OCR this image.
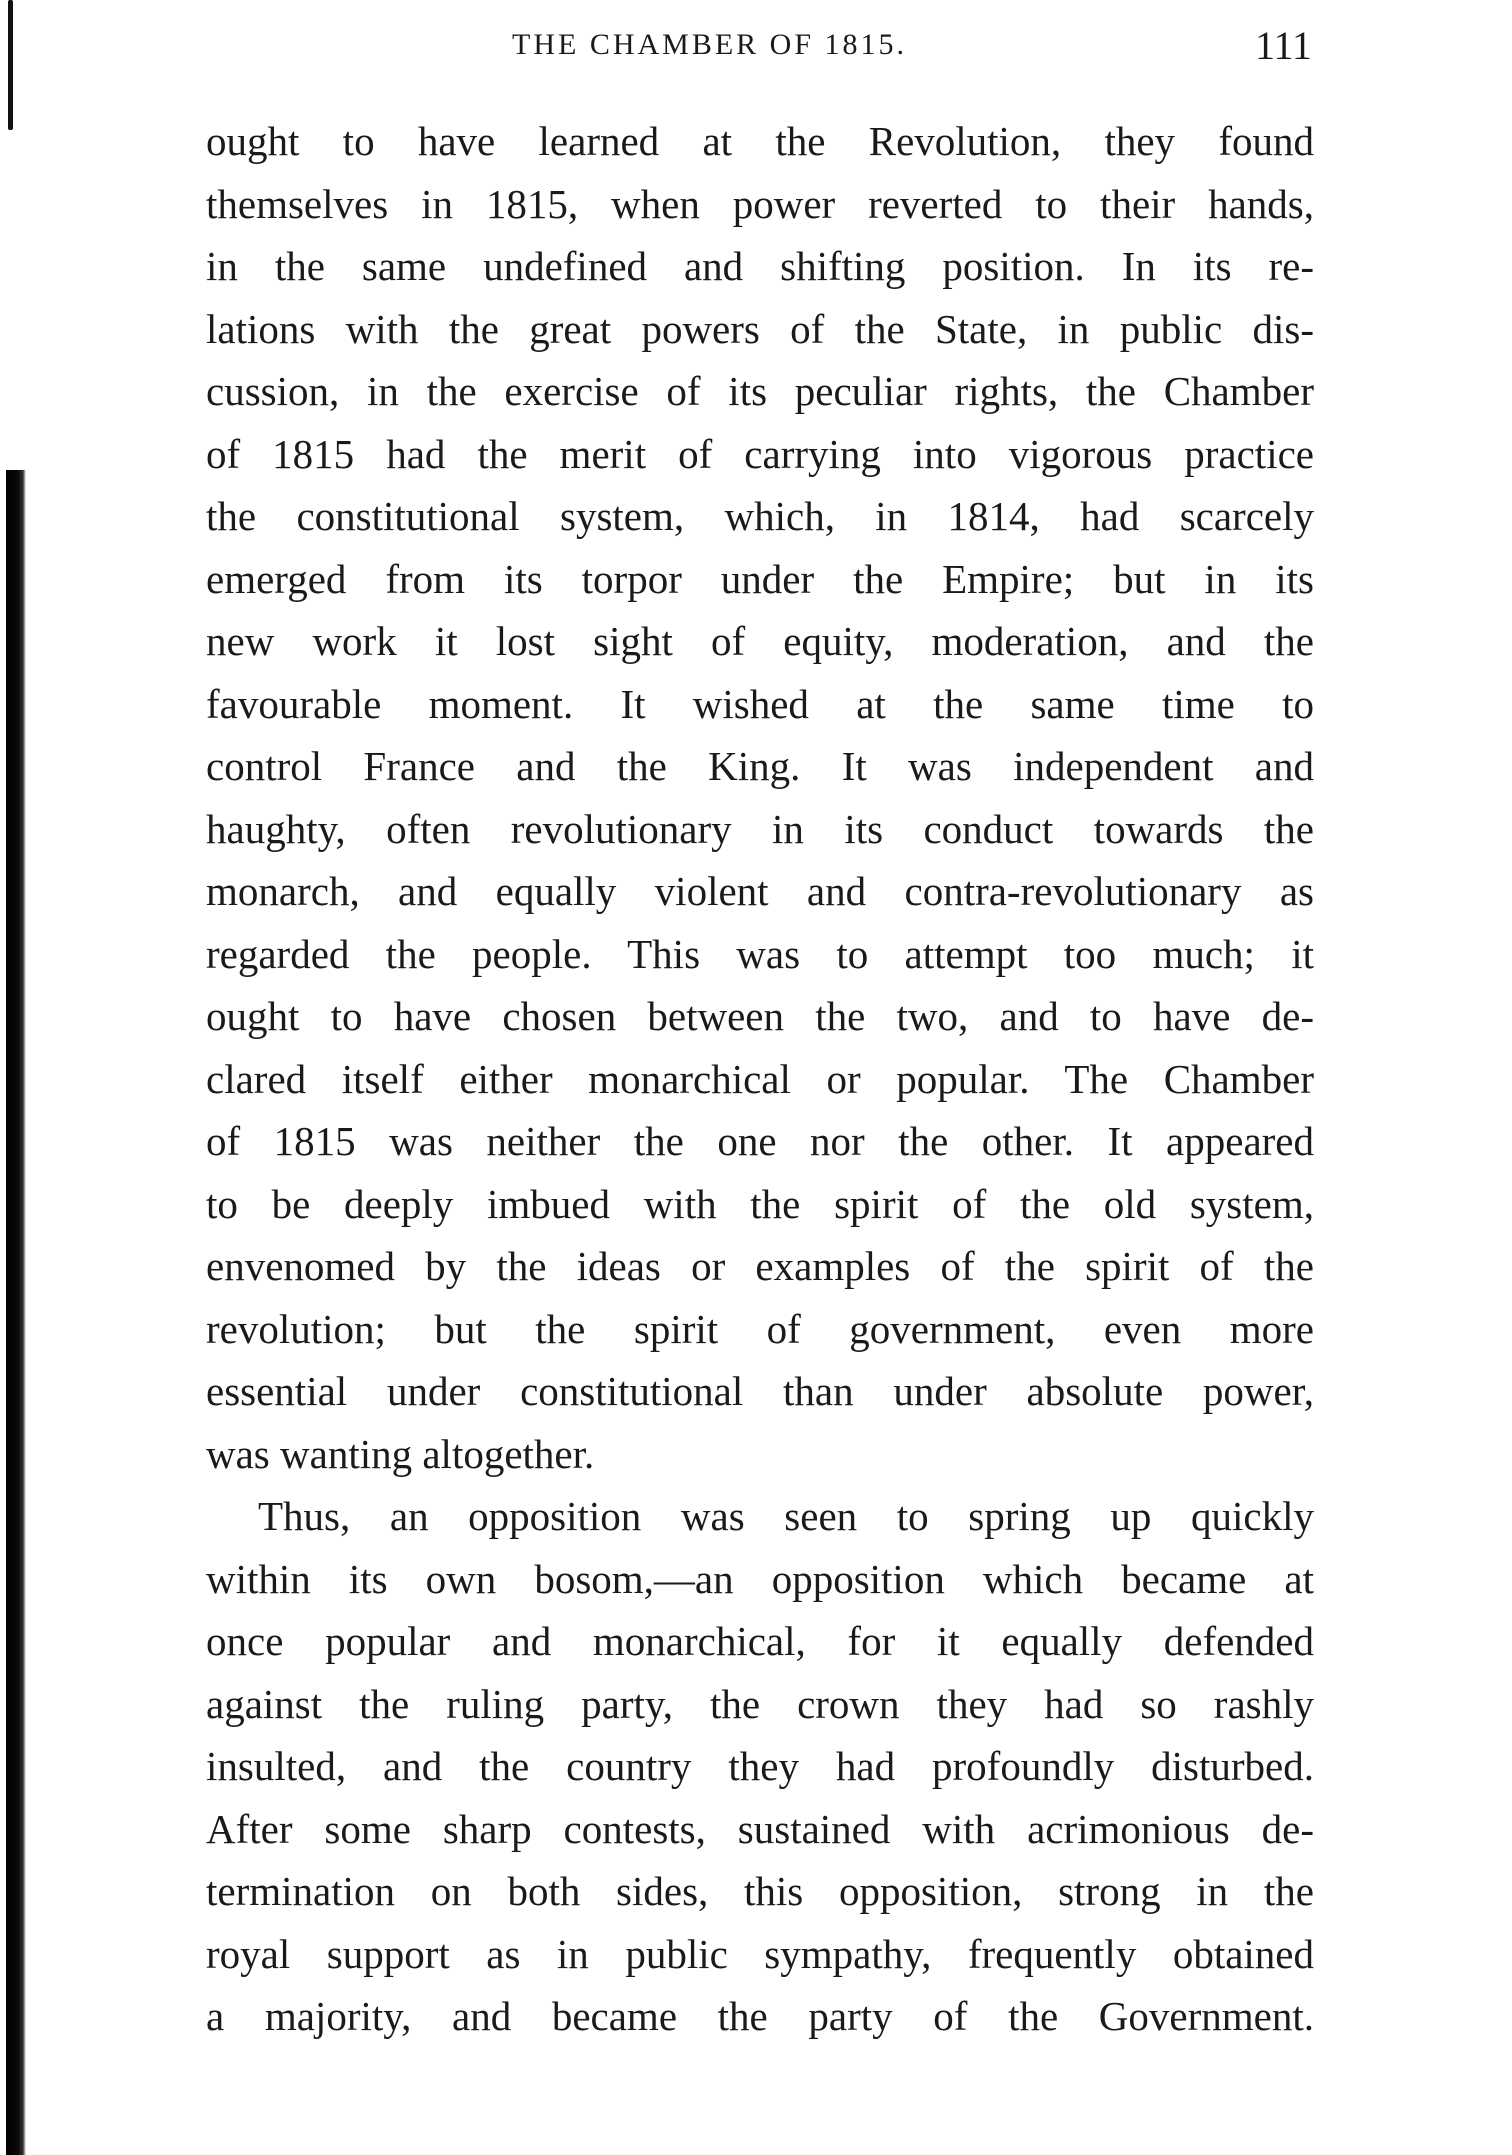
THE CHAMBER OF 1815.	111
ought to have learned at the Revolution, they found
themselves in 1815, when power reverted to their hands,
in the same undefined and shifting position. In its re-
lations with the great powers of the State, in public dis-
cussion, in the exercise of its peculiar rights, the Chamber
of 1815 had the merit of carrying into vigorous practice
the constitutional system, which, in 1814, had scarcely
emerged from its torpor under the Empire; but in its
new work it lost sight of equity, moderation, and the
favourable moment. It wished at the same time to
control France and the King. It was independent and
haughty, often revolutionary in its conduct towards the
monarch, and equally violent and contra-revolutionary as
regarded the people. This was to attempt too much; it
ought to have chosen between the two, and to have de-
clared itself either monarchical or popular. The Chamber
of 1815 was neither the one nor the other. It appeared
to be deeply imbued with the spirit of the old system,
envenomed by the ideas or examples of the spirit of the
revolution; but the spirit of government, even more
essential under constitutional than under absolute power,
was wanting altogether.
Thus, an opposition was seen to spring up quickly
within its own bosom,—an opposition which became at
once popular and monarchical, for it equally defended
against the ruling party, the crown they had so rashly
insulted, and the country they had profoundly disturbed.
After some sharp contests, sustained with acrimonious de-
termination on both sides, this opposition, strong in the
royal support as in public sympathy, frequently obtained
a majority, and became the party of the Government.
